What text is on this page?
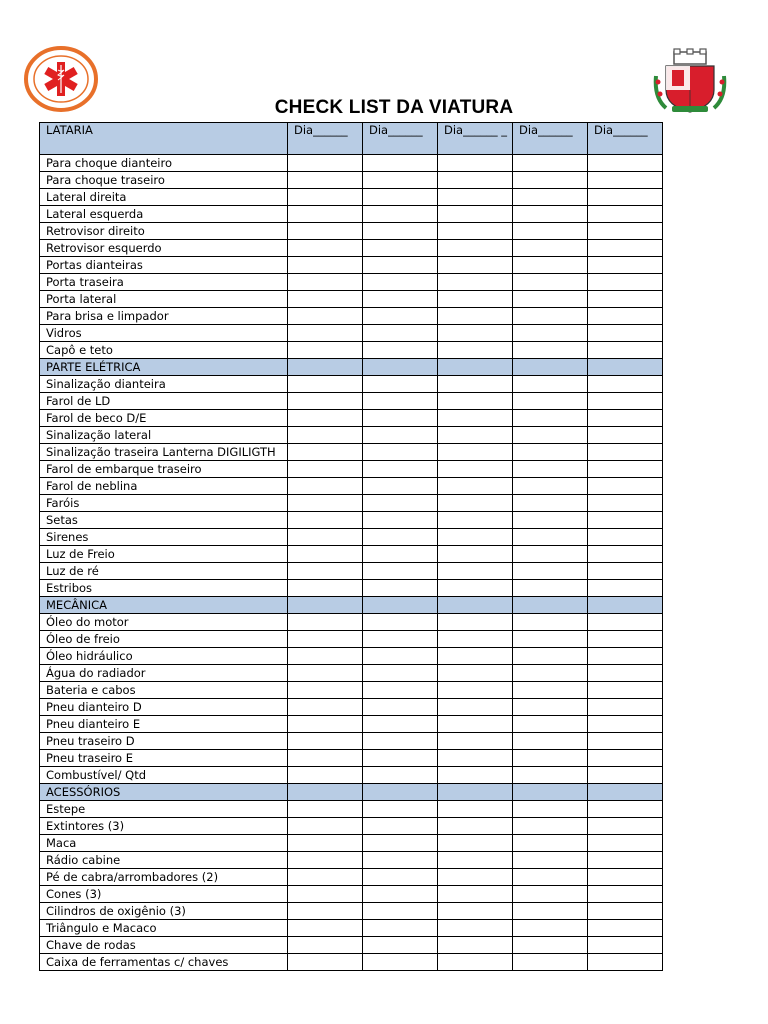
CHECK LIST DA VIATURA
LATARIA	Dia______	Dia______	Dia______ _	Dia______	Dia______
Para choque dianteiro					
Para choque traseiro					
Lateral direita					
Lateral esquerda					
Retrovisor direito					
Retrovisor esquerdo					
Portas dianteiras					
Porta traseira					
Porta lateral					
Para brisa e limpador					
Vidros					
Capô e teto					
PARTE ELÉTRICA					
Sinalização dianteira					
Farol de LD					
Farol de beco D/E					
Sinalização lateral					
Sinalização traseira Lanterna DIGILIGTH					
Farol de embarque traseiro					
Farol de neblina					
Faróis					
Setas					
Sirenes					
Luz de Freio					
Luz de ré					
Estribos					
MECÂNICA					
Óleo do motor					
Óleo de freio					
Óleo hidráulico					
Água do radiador					
Bateria e cabos					
Pneu dianteiro D					
Pneu dianteiro E					
Pneu traseiro D					
Pneu traseiro E					
Combustível/ Qtd					
ACESSÓRIOS					
Estepe					
Extintores (3)					
Maca					
Rádio cabine					
Pé de cabra/arrombadores (2)					
Cones (3)					
Cilindros de oxigênio (3)					
Triângulo e Macaco					
Chave de rodas					
Caixa de ferramentas c/ chaves					
